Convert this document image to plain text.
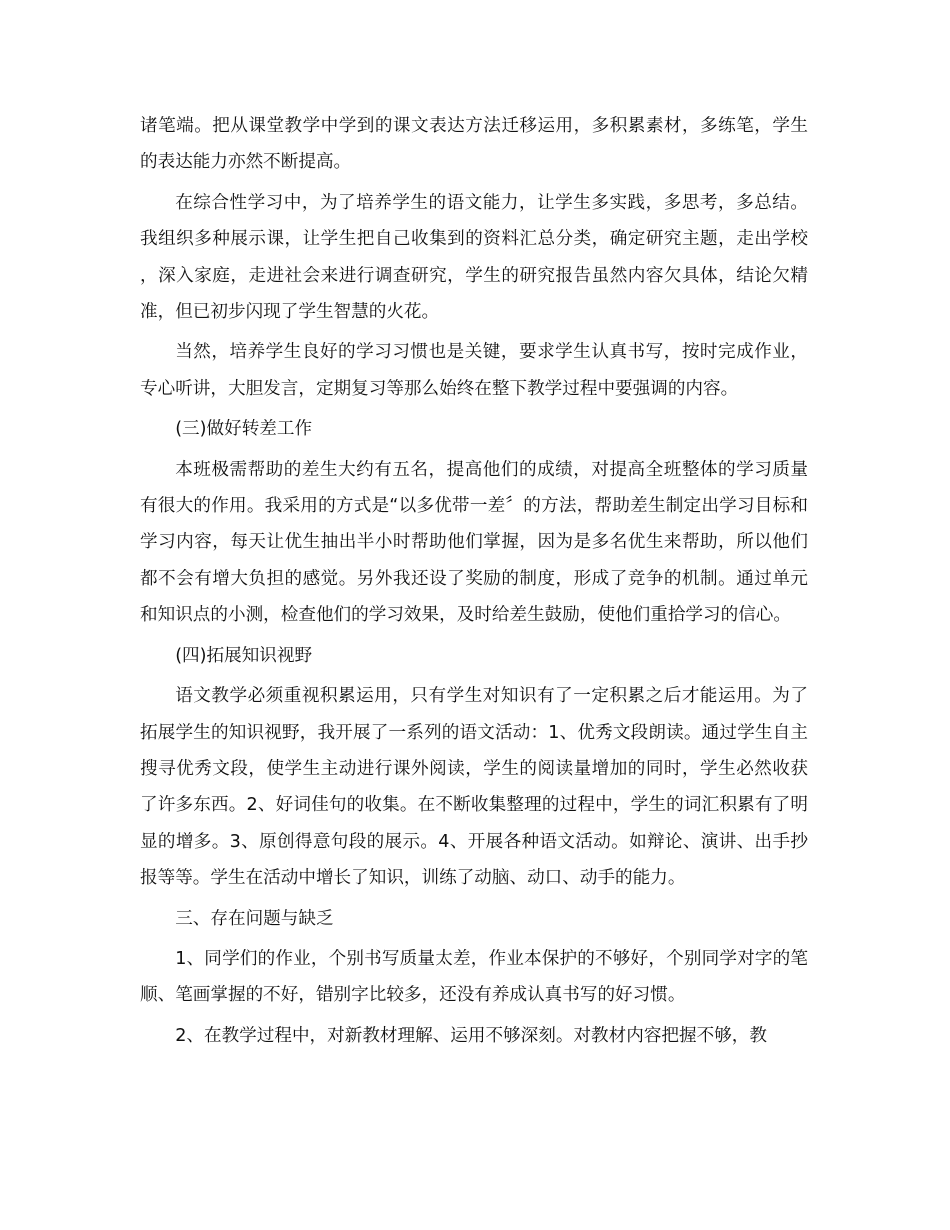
诸笔端。把从课堂教学中学到的课文表达方法迁移运用，多积累素材，多练笔，学生的表达能力亦然不断提高。

在综合性学习中，为了培养学生的语文能力，让学生多实践，多思考，多总结。我组织多种展示课，让学生把自己收集到的资料汇总分类，确定研究主题，走出学校，深入家庭，走进社会来进行调查研究，学生的研究报告虽然内容欠具体，结论欠精准，但已初步闪现了学生智慧的火花。

当然，培养学生良好的学习习惯也是关键，要求学生认真书写，按时完成作业，专心听讲，大胆发言，定期复习等那么始终在整下教学过程中要强调的内容。

(三)做好转差工作

本班极需帮助的差生大约有五名，提高他们的成绩，对提高全班整体的学习质量有很大的作用。我采用的方式是“以多优带一差〞的方法，帮助差生制定出学习目标和学习内容，每天让优生抽出半小时帮助他们掌握，因为是多名优生来帮助，所以他们都不会有增大负担的感觉。另外我还设了奖励的制度，形成了竞争的机制。通过单元和知识点的小测，检查他们的学习效果，及时给差生鼓励，使他们重拾学习的信心。

(四)拓展知识视野

语文教学必须重视积累运用，只有学生对知识有了一定积累之后才能运用。为了拓展学生的知识视野，我开展了一系列的语文活动：1、优秀文段朗读。通过学生自主搜寻优秀文段，使学生主动进行课外阅读，学生的阅读量增加的同时，学生必然收获了许多东西。2、好词佳句的收集。在不断收集整理的过程中，学生的词汇积累有了明显的增多。3、原创得意句段的展示。4、开展各种语文活动。如辩论、演讲、出手抄报等等。学生在活动中增长了知识，训练了动脑、动口、动手的能力。

三、存在问题与缺乏

1、同学们的作业，个别书写质量太差，作业本保护的不够好，个别同学对字的笔顺、笔画掌握的不好，错别字比较多，还没有养成认真书写的好习惯。

2、在教学过程中，对新教材理解、运用不够深刻。对教材内容把握不够，教
